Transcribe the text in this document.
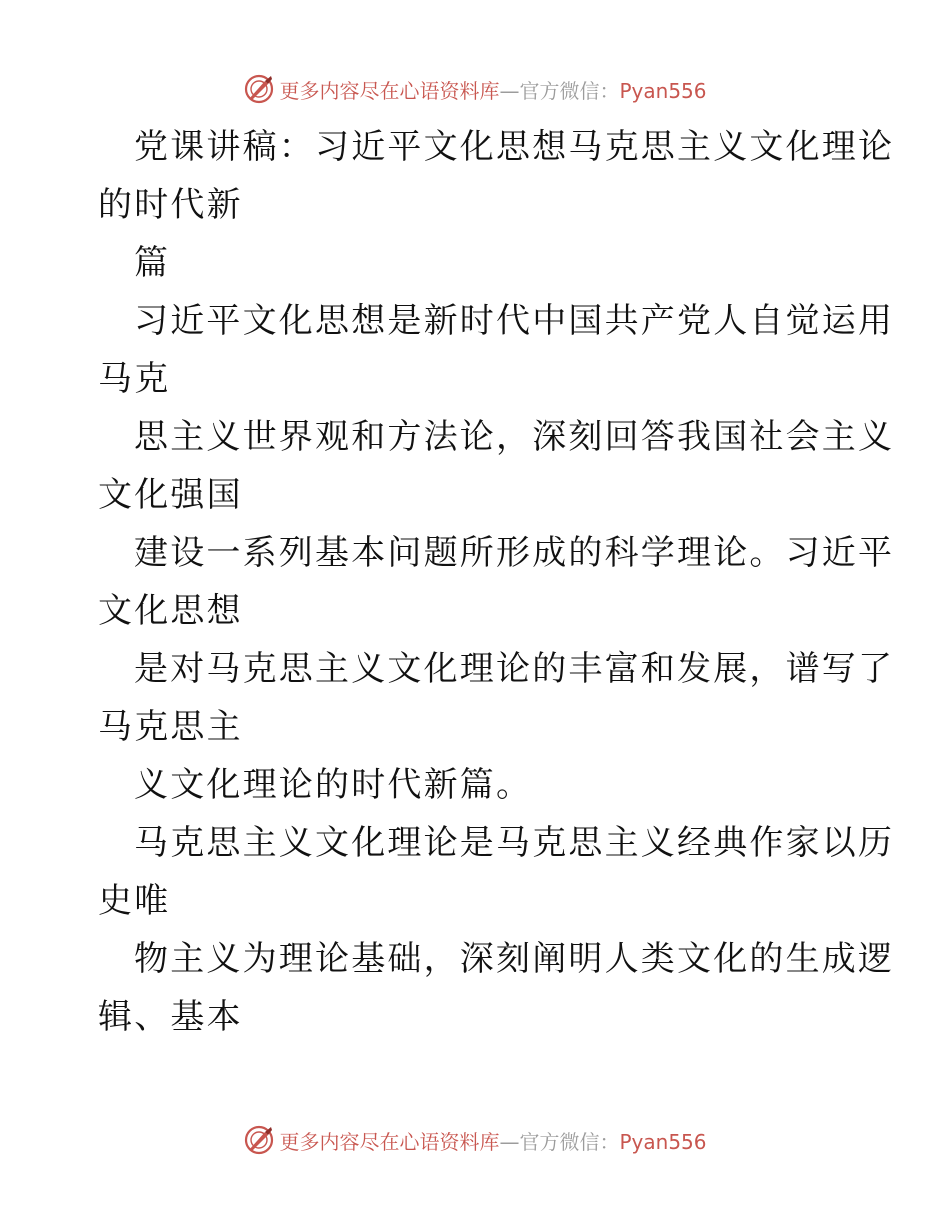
更多内容尽在心语资料库—官方微信：Pyan556
党课讲稿：习近平文化思想马克思主义文化理论
的时代新
篇
习近平文化思想是新时代中国共产党人自觉运用
马克
思主义世界观和方法论，深刻回答我国社会主义
文化强国
建设一系列基本问题所形成的科学理论。习近平
文化思想
是对马克思主义文化理论的丰富和发展，谱写了
马克思主
义文化理论的时代新篇。
马克思主义文化理论是马克思主义经典作家以历
史唯
物主义为理论基础，深刻阐明人类文化的生成逻
辑、基本
更多内容尽在心语资料库—官方微信：Pyan556
